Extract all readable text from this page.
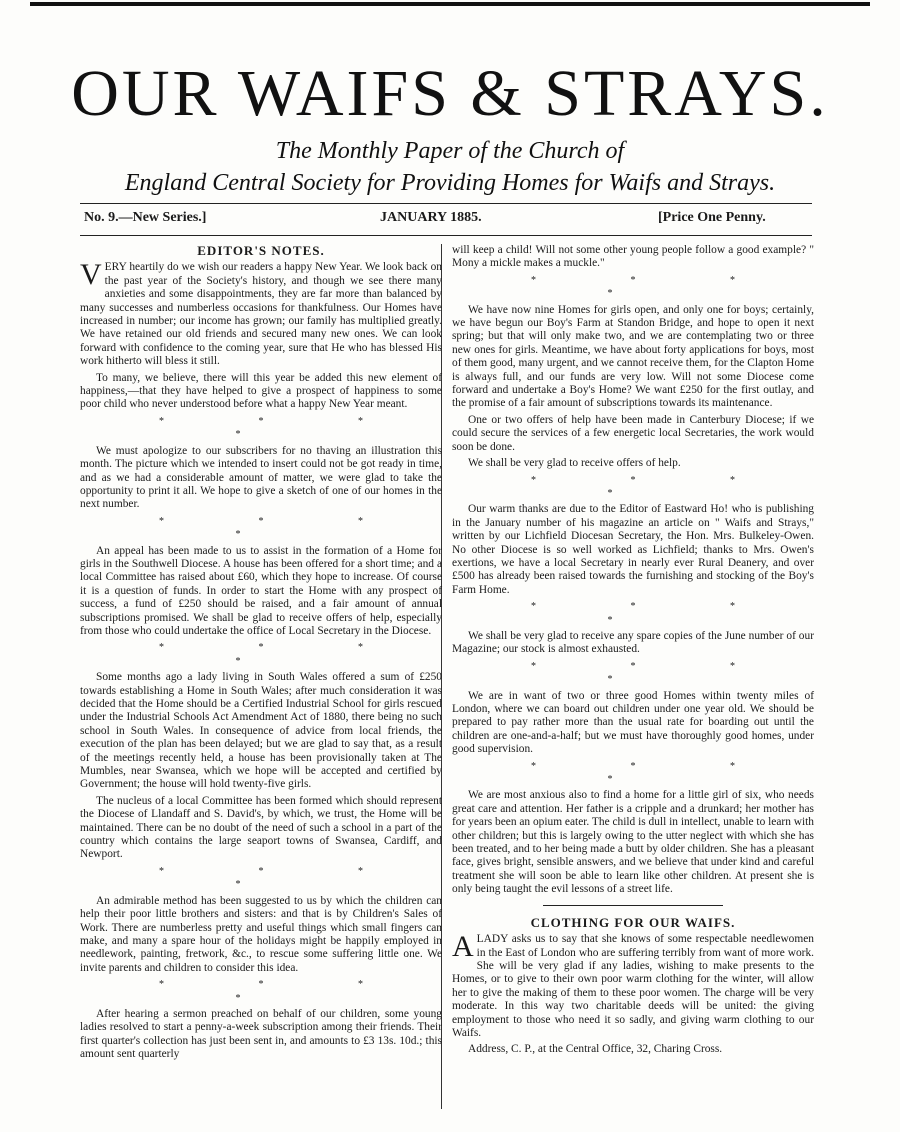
OUR WAIFS & STRAYS.
The Monthly Paper of the Church of
England Central Society for Providing Homes for Waifs and Strays.
No. 9.—New Series.]	JANUARY 1885.	[Price One Penny.
EDITOR'S NOTES.

VERY heartily do we wish our readers a happy New Year. We look back on the past year of the Society's history, and though we see there many anxieties and some disappointments, they are far more than balanced by many successes and numberless occasions for thankfulness. Our Homes have increased in number; our income has grown; our family has multiplied greatly. We have retained our old friends and secured many new ones. We can look forward with confidence to the coming year, sure that He who has blessed His work hitherto will bless it still.

To many, we believe, there will this year be added this new element of happiness,—that they have helped to give a prospect of happiness to some poor child who never understood before what a happy New Year meant.

* * * *

We must apologize to our subscribers for no thaving an illustration this month. The picture which we intended to insert could not be got ready in time, and as we had a considerable amount of matter, we were glad to take the opportunity to print it all. We hope to give a sketch of one of our homes in the next number.

* * * *

An appeal has been made to us to assist in the formation of a Home for girls in the Southwell Diocese. A house has been offered for a short time; and a local Committee has raised about £60, which they hope to increase. Of course it is a question of funds. In order to start the Home with any prospect of success, a fund of £250 should be raised, and a fair amount of annual subscriptions promised. We shall be glad to receive offers of help, especially from those who could undertake the office of Local Secretary in the Diocese.

* * * *

Some months ago a lady living in South Wales offered a sum of £250 towards establishing a Home in South Wales; after much consideration it was decided that the Home should be a Certified Industrial School for girls rescued under the Industrial Schools Act Amendment Act of 1880, there being no such school in South Wales. In consequence of advice from local friends, the execution of the plan has been delayed; but we are glad to say that, as a result of the meetings recently held, a house has been provisionally taken at The Mumbles, near Swansea, which we hope will be accepted and certified by Government; the house will hold twenty-five girls.

The nucleus of a local Committee has been formed which should represent the Diocese of Llandaff and S. David's, by which, we trust, the Home will be maintained. There can be no doubt of the need of such a school in a part of the country which contains the large seaport towns of Swansea, Cardiff, and Newport.

* * * *

An admirable method has been suggested to us by which the children can help their poor little brothers and sisters: and that is by Children's Sales of Work. There are numberless pretty and useful things which small fingers can make, and many a spare hour of the holidays might be happily employed in needlework, painting, fretwork, &c., to rescue some suffering little one. We invite parents and children to consider this idea.

* * * *

After hearing a sermon preached on behalf of our children, some young ladies resolved to start a penny-a-week subscription among their friends. Their first quarter's collection has just been sent in, and amounts to £3 13s. 10d.; this amount sent quarterly

will keep a child! Will not some other young people follow a good example? " Mony a mickle makes a muckle."

* * * *

We have now nine Homes for girls open, and only one for boys; certainly, we have begun our Boy's Farm at Standon Bridge, and hope to open it next spring; but that will only make two, and we are contemplating two or three new ones for girls. Meantime, we have about forty applications for boys, most of them good, many urgent, and we cannot receive them, for the Clapton Home is always full, and our funds are very low. Will not some Diocese come forward and undertake a Boy's Home? We want £250 for the first outlay, and the promise of a fair amount of subscriptions towards its maintenance.

One or two offers of help have been made in Canterbury Diocese; if we could secure the services of a few energetic local Secretaries, the work would soon be done.

We shall be very glad to receive offers of help.

* * * *

Our warm thanks are due to the Editor of Eastward Ho! who is publishing in the January number of his magazine an article on " Waifs and Strays," written by our Lichfield Diocesan Secretary, the Hon. Mrs. Bulkeley-Owen. No other Diocese is so well worked as Lichfield; thanks to Mrs. Owen's exertions, we have a local Secretary in nearly ever Rural Deanery, and over £500 has already been raised towards the furnishing and stocking of the Boy's Farm Home.

* * * *

We shall be very glad to receive any spare copies of the June number of our Magazine; our stock is almost exhausted.

* * * *

We are in want of two or three good Homes within twenty miles of London, where we can board out children under one year old. We should be prepared to pay rather more than the usual rate for boarding out until the children are one-and-a-half; but we must have thoroughly good homes, under good supervision.

* * * *

We are most anxious also to find a home for a little girl of six, who needs great care and attention. Her father is a cripple and a drunkard; her mother has for years been an opium eater. The child is dull in intellect, unable to learn with other children; but this is largely owing to the utter neglect with which she has been treated, and to her being made a butt by older children. She has a pleasant face, gives bright, sensible answers, and we believe that under kind and careful treatment she will soon be able to learn like other children. At present she is only being taught the evil lessons of a street life.

CLOTHING FOR OUR WAIFS.

ALADY asks us to say that she knows of some respectable needlewomen in the East of London who are suffering terribly from want of more work. She will be very glad if any ladies, wishing to make presents to the Homes, or to give to their own poor warm clothing for the winter, will allow her to give the making of them to these poor women. The charge will be very moderate. In this way two charitable deeds will be united: the giving employment to those who need it so sadly, and giving warm clothing to our Waifs.

Address, C. P., at the Central Office, 32, Charing Cross.
